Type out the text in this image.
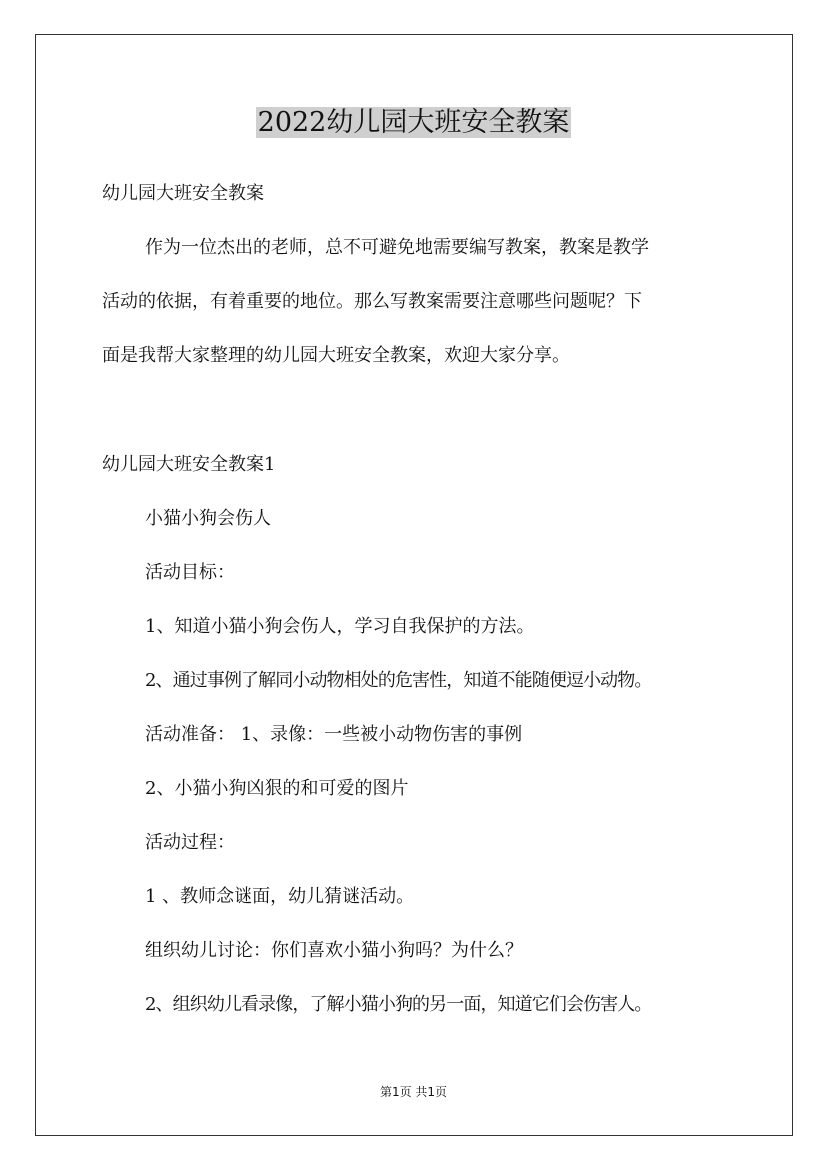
2022幼儿园大班安全教案
幼儿园大班安全教案
作为一位杰出的老师，总不可避免地需要编写教案，教案是教学
活动的依据，有着重要的地位。那么写教案需要注意哪些问题呢？下
面是我帮大家整理的幼儿园大班安全教案，欢迎大家分享。
幼儿园大班安全教案1
小猫小狗会伤人
活动目标：
1、知道小猫小狗会伤人，学习自我保护的方法。
2、通过事例了解同小动物相处的危害性，知道不能随便逗小动物。
活动准备： 1、录像：一些被小动物伤害的事例
2、小猫小狗凶狠的和可爱的图片
活动过程：
1 、教师念谜面，幼儿猜谜活动。
组织幼儿讨论：你们喜欢小猫小狗吗？为什么？
2、组织幼儿看录像，了解小猫小狗的另一面，知道它们会伤害人。
第1页 共1页
